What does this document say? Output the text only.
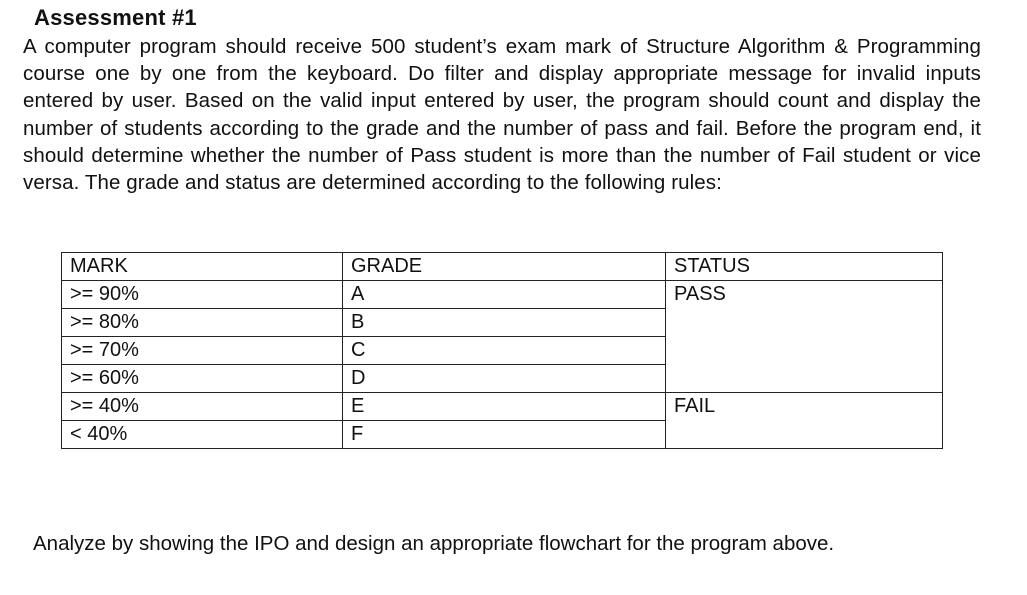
Assessment #1

A computer program should receive 500 student’s exam mark of Structure Algorithm & Programming course one by one from the keyboard. Do filter and display appropriate message for invalid inputs entered by user. Based on the valid input entered by user, the program should count and display the number of students according to the grade and the number of pass and fail. Before the program end, it should determine whether the number of Pass student is more than the number of Fail student or vice versa. The grade and status are determined according to the following rules:

MARK	GRADE	STATUS
>= 90%	A	PASS
>= 80%	B	
>= 70%	C	
>= 60%	D	
>= 40%	E	FAIL
< 40%	F	

Analyze by showing the IPO and design an appropriate flowchart for the program above.
